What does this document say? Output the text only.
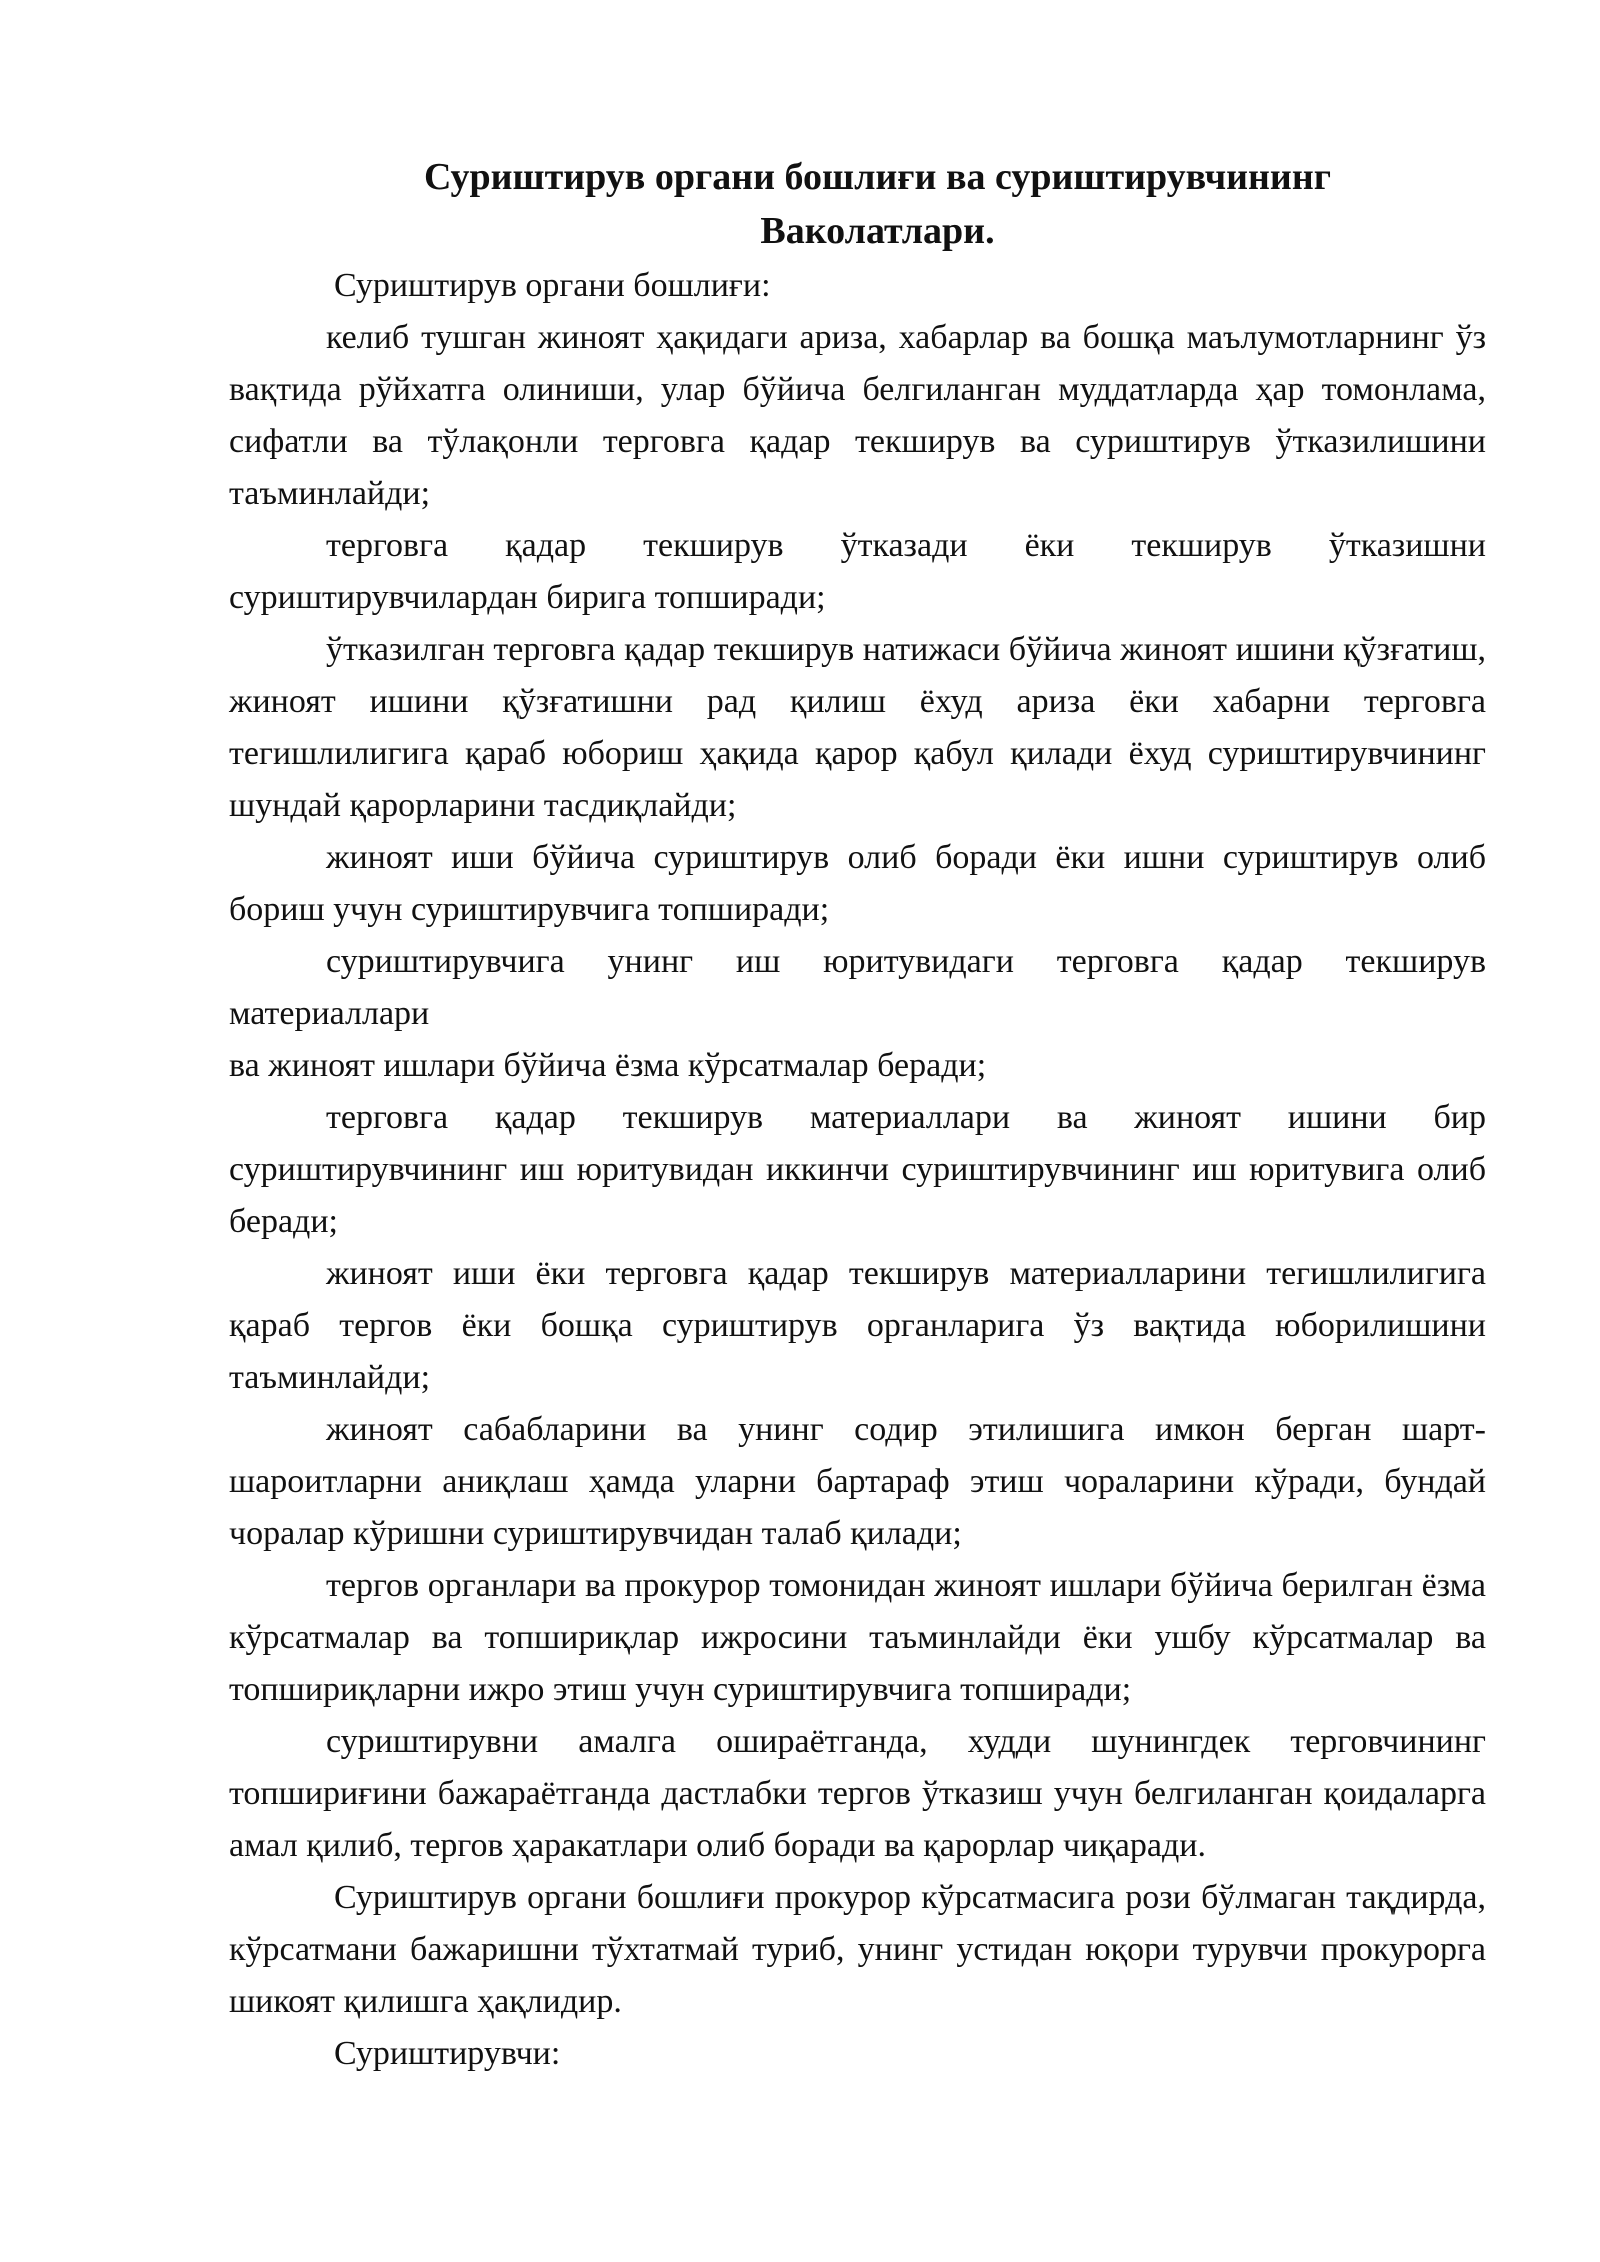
Суриштирув органи бошлиғи ва суриштирувчининг
Ваколатлари.

Суриштирув органи бошлиғи:

келиб тушган жиноят ҳақидаги ариза, хабарлар ва бошқа маълумотларнинг ўз вақтида рўйхатга олиниши, улар бўйича белгиланган муддатларда ҳар томонлама, сифатли ва тўлақонли терговга қадар текширув ва суриштирув ўтказилишини таъминлайди;

терговга қадар текширув ўтказади ёки текширув ўтказишни суриштирувчилардан бирига топширади;

ўтказилган терговга қадар текширув натижаси бўйича жиноят ишини қўзғатиш, жиноят ишини қўзғатишни рад қилиш ёхуд ариза ёки хабарни терговга тегишлилигига қараб юбориш ҳақида қарор қабул қилади ёхуд суриштирувчининг шундай қарорларини тасдиқлайди;

жиноят иши бўйича суриштирув олиб боради ёки ишни суриштирув олиб бориш учун суриштирувчига топширади;

суриштирувчига унинг иш юритувидаги терговга қадар текширув материаллари

ва жиноят ишлари бўйича ёзма кўрсатмалар беради;

терговга қадар текширув материаллари ва жиноят ишини бир суриштирувчининг иш юритувидан иккинчи суриштирувчининг иш юритувига олиб беради;

жиноят иши ёки терговга қадар текширув материалларини тегишлилигига қараб тергов ёки бошқа суриштирув органларига ўз вақтида юборилишини таъминлайди;

жиноят сабабларини ва унинг содир этилишига имкон берган шарт-шароитларни аниқлаш ҳамда уларни бартараф этиш чораларини кўради, бундай чоралар кўришни суриштирувчидан талаб қилади;

тергов органлари ва прокурор томонидан жиноят ишлари бўйича берилган ёзма кўрсатмалар ва топшириқлар ижросини таъминлайди ёки ушбу кўрсатмалар ва топшириқларни ижро этиш учун суриштирувчига топширади;

суриштирувни амалга ошираётганда, худди шунингдек терговчининг топшириғини бажараётганда дастлабки тергов ўтказиш учун белгиланган қоидаларга амал қилиб, тергов ҳаракатлари олиб боради ва қарорлар чиқаради.

Суриштирув органи бошлиғи прокурор кўрсатмасига рози бўлмаган тақдирда, кўрсатмани бажаришни тўхтатмай туриб, унинг устидан юқори турувчи прокурорга шикоят қилишга ҳақлидир.

Суриштирувчи:
